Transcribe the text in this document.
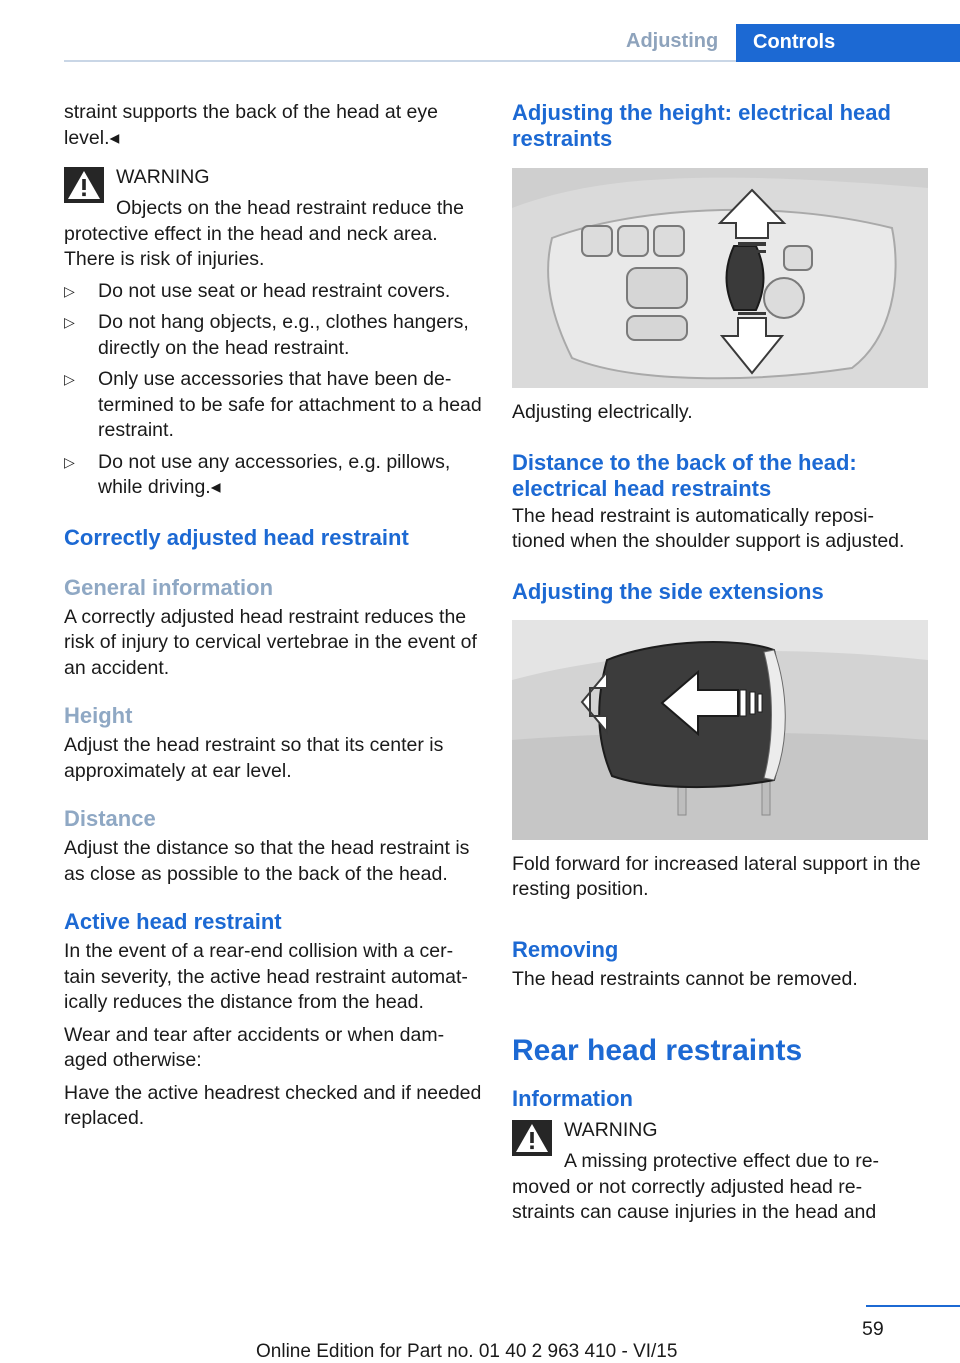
Adjusting	Controls

straint supports the back of the head at eye level.◂

WARNING
Objects on the head restraint reduce the protective effect in the head and neck area. There is risk of injuries.
▷ Do not use seat or head restraint covers.
▷ Do not hang objects, e.g., clothes hangers, directly on the head restraint.
▷ Only use accessories that have been de- termined to be safe for attachment to a head restraint.
▷ Do not use any accessories, e.g. pillows, while driving.◂
Correctly adjusted head restraint
General information

A correctly adjusted head restraint reduces the risk of injury to cervical vertebrae in the event of an accident.

Height

Adjust the head restraint so that its center is approximately at ear level.

Distance

Adjust the distance so that the head restraint is as close as possible to the back of the head.

Active head restraint

In the event of a rear-end collision with a cer- tain severity, the active head restraint automat- ically reduces the distance from the head.

Wear and tear after accidents or when dam- aged otherwise:

Have the active headrest checked and if needed replaced.

Adjusting the height: electrical head restraints

Adjusting electrically.

Distance to the back of the head: electrical head restraints

The head restraint is automatically reposi- tioned when the shoulder support is adjusted.

Adjusting the side extensions

Fold forward for increased lateral support in the resting position.

Removing

The head restraints cannot be removed.

Rear head restraints
Information
WARNING
A missing protective effect due to re- moved or not correctly adjusted head re- straints can cause injuries in the head and
59
Online Edition for Part no. 01 40 2 963 410 - VI/15
